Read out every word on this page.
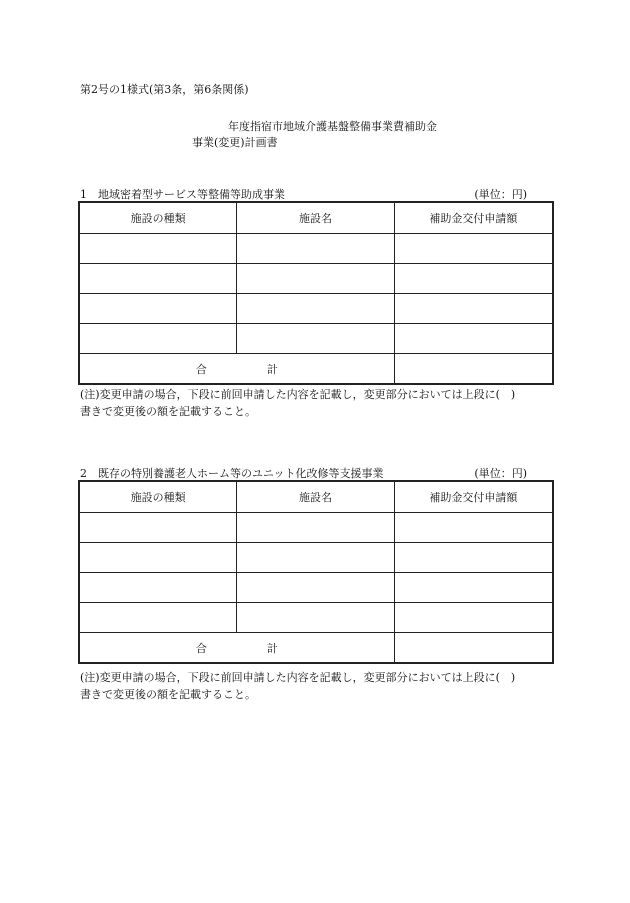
第2号の1様式(第3条，第6条関係)
年度指宿市地域介護基盤整備事業費補助金
事業(変更)計画書
1　地域密着型サービス等整備等助成事業	(単位：円)
施設の種類	施設名	補助金交付申請額

合 計		
(注)変更申請の場合，下段に前回申請した内容を記載し，変更部分においては上段に(　)
書きで変更後の額を記載すること。
2　既存の特別養護老人ホーム等のユニット化改修等支援事業	(単位：円)
施設の種類	施設名	補助金交付申請額

合 計		
(注)変更申請の場合，下段に前回申請した内容を記載し，変更部分においては上段に(　)
書きで変更後の額を記載すること。
